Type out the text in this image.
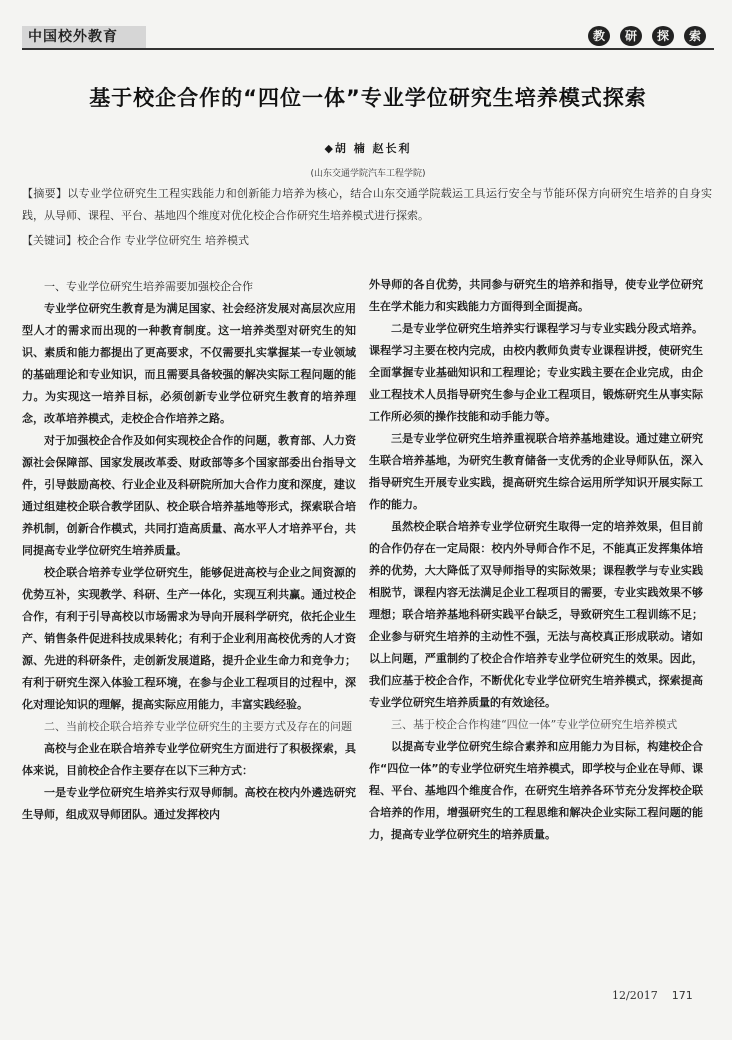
中国校外教育	教	研	探	索
基于校企合作的“四位一体”专业学位研究生培养模式探索
◆胡 楠 赵长利
(山东交通学院汽车工程学院)
【摘要】以专业学位研究生工程实践能力和创新能力培养为核心，结合山东交通学院载运工具运行安全与节能环保方向研究生培养的自身实践，从导师、课程、平台、基地四个维度对优化校企合作研究生培养模式进行探索。
【关键词】校企合作 专业学位研究生 培养模式

一、专业学位研究生培养需要加强校企合作

专业学位研究生教育是为满足国家、社会经济发展对高层次应用型人才的需求而出现的一种教育制度。这一培养类型对研究生的知识、素质和能力都提出了更高要求，不仅需要扎实掌握某一专业领域的基础理论和专业知识，而且需要具备较强的解决实际工程问题的能力。为实现这一培养目标，必须创新专业学位研究生教育的培养理念，改革培养模式，走校企合作培养之路。

对于加强校企合作及如何实现校企合作的问题，教育部、人力资源社会保障部、国家发展改革委、财政部等多个国家部委出台指导文件，引导鼓励高校、行业企业及科研院所加大合作力度和深度，建议通过组建校企联合教学团队、校企联合培养基地等形式，探索联合培养机制，创新合作模式，共同打造高质量、高水平人才培养平台，共同提高专业学位研究生培养质量。

校企联合培养专业学位研究生，能够促进高校与企业之间资源的优势互补，实现教学、科研、生产一体化，实现互利共赢。通过校企合作，有利于引导高校以市场需求为导向开展科学研究，依托企业生产、销售条件促进科技成果转化；有利于企业利用高校优秀的人才资源、先进的科研条件，走创新发展道路，提升企业生命力和竞争力；有利于研究生深入体验工程环境，在参与企业工程项目的过程中，深化对理论知识的理解，提高实际应用能力，丰富实践经验。

二、当前校企联合培养专业学位研究生的主要方式及存在的问题

高校与企业在联合培养专业学位研究生方面进行了积极探索，具体来说，目前校企合作主要存在以下三种方式：

一是专业学位研究生培养实行双导师制。高校在校内外遴选研究生导师，组成双导师团队。通过发挥校内

外导师的各自优势，共同参与研究生的培养和指导，使专业学位研究生在学术能力和实践能力方面得到全面提高。

二是专业学位研究生培养实行课程学习与专业实践分段式培养。课程学习主要在校内完成，由校内教师负责专业课程讲授，使研究生全面掌握专业基础知识和工程理论；专业实践主要在企业完成，由企业工程技术人员指导研究生参与企业工程项目，锻炼研究生从事实际工作所必须的操作技能和动手能力等。

三是专业学位研究生培养重视联合培养基地建设。通过建立研究生联合培养基地，为研究生教育储备一支优秀的企业导师队伍，深入指导研究生开展专业实践，提高研究生综合运用所学知识开展实际工作的能力。

虽然校企联合培养专业学位研究生取得一定的培养效果，但目前的合作仍存在一定局限：校内外导师合作不足，不能真正发挥集体培养的优势，大大降低了双导师指导的实际效果；课程教学与专业实践相脱节，课程内容无法满足企业工程项目的需要，专业实践效果不够理想；联合培养基地科研实践平台缺乏，导致研究生工程训练不足；企业参与研究生培养的主动性不强，无法与高校真正形成联动。诸如以上问题，严重制约了校企合作培养专业学位研究生的效果。因此，我们应基于校企合作，不断优化专业学位研究生培养模式，探索提高专业学位研究生培养质量的有效途径。

三、基于校企合作构建“四位一体”专业学位研究生培养模式

以提高专业学位研究生综合素养和应用能力为目标，构建校企合作“四位一体”的专业学位研究生培养模式，即学校与企业在导师、课程、平台、基地四个维度合作，在研究生培养各环节充分发挥校企联合培养的作用，增强研究生的工程思维和解决企业实际工程问题的能力，提高专业学位研究生的培养质量。

12/2017 171
